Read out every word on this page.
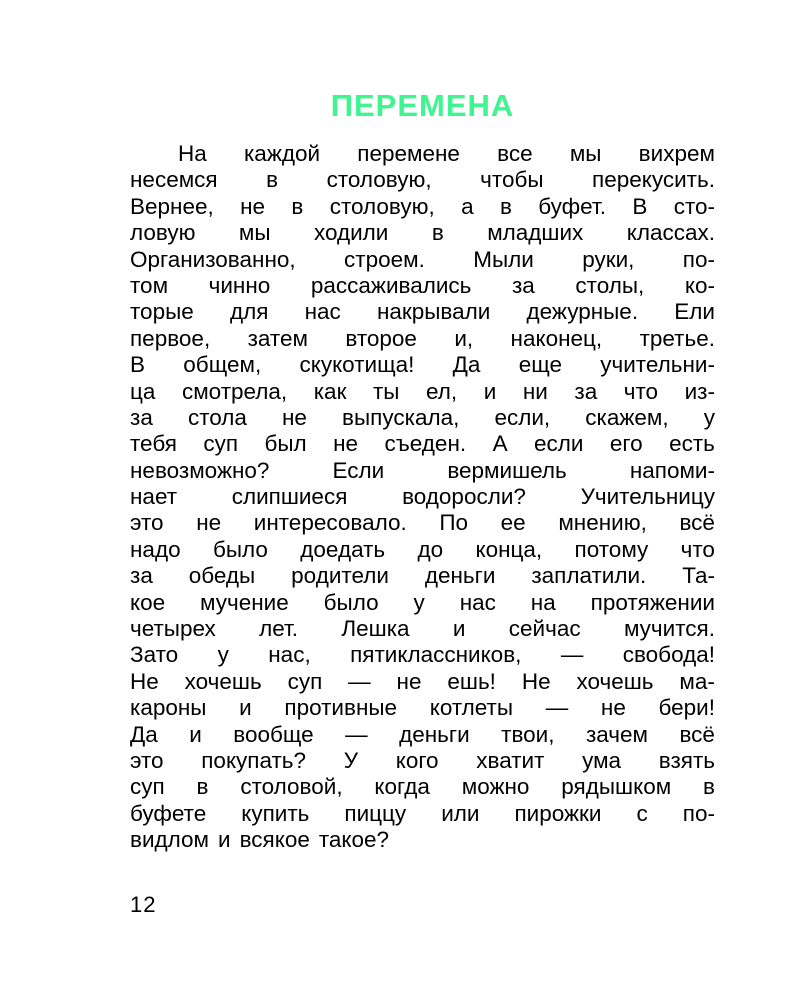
ПЕРЕМЕНА
На каждой перемене все мы вихрем
несемся в столовую, чтобы перекусить.
Вернее, не в столовую, а в буфет. В сто-
ловую мы ходили в младших классах.
Организованно, строем. Мыли руки, по-
том чинно рассаживались за столы, ко-
торые для нас накрывали дежурные. Ели
первое, затем второе и, наконец, третье.
В общем, скукотища! Да еще учительни-
ца смотрела, как ты ел, и ни за что из-
за стола не выпускала, если, скажем, у
тебя суп был не съеден. А если его есть
невозможно?	Если	вермишель	напоми-
нает слипшиеся водоросли? Учительницу
это не интересовало. По ее мнению, всё
надо было доедать до конца, потому что
за обеды родители деньги заплатили. Та-
кое мучение было у нас на протяжении
четырех лет. Лешка и сейчас мучится.
Зато у нас, пятиклассников, — свобода!
Не хочешь суп — не ешь! Не хочешь ма-
кароны и противные котлеты — не бери!
Да и вообще — деньги твои, зачем всё
это покупать? У кого хватит ума взять
суп в столовой, когда можно рядышком в
буфете купить пиццу или пирожки с по-
видлом и всякое такое?
12
